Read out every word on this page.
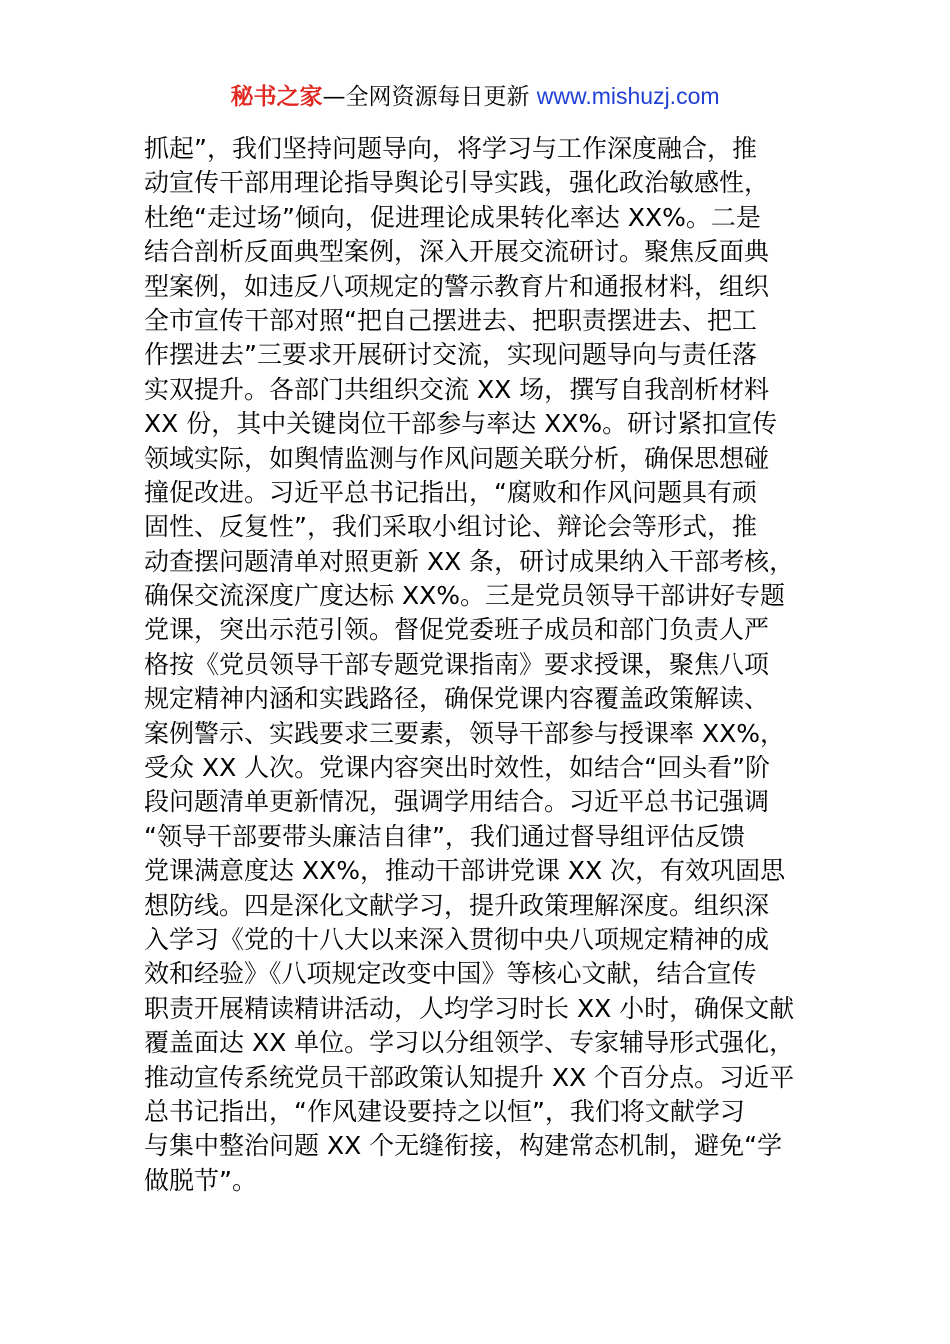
秘书之家—全网资源每日更新 www.mishuzj.com
抓起”，我们坚持问题导向，将学习与工作深度融合，推
动宣传干部用理论指导舆论引导实践，强化政治敏感性，
杜绝“走过场”倾向，促进理论成果转化率达 XX%。二是
结合剖析反面典型案例，深入开展交流研讨。聚焦反面典
型案例，如违反八项规定的警示教育片和通报材料，组织
全市宣传干部对照“把自己摆进去、把职责摆进去、把工
作摆进去”三要求开展研讨交流，实现问题导向与责任落
实双提升。各部门共组织交流 XX 场，撰写自我剖析材料
XX 份，其中关键岗位干部参与率达 XX%。研讨紧扣宣传
领域实际，如舆情监测与作风问题关联分析，确保思想碰
撞促改进。习近平总书记指出，“腐败和作风问题具有顽
固性、反复性”，我们采取小组讨论、辩论会等形式，推
动查摆问题清单对照更新 XX 条，研讨成果纳入干部考核，
确保交流深度广度达标 XX%。三是党员领导干部讲好专题
党课，突出示范引领。督促党委班子成员和部门负责人严
格按《党员领导干部专题党课指南》要求授课，聚焦八项
规定精神内涵和实践路径，确保党课内容覆盖政策解读、
案例警示、实践要求三要素，领导干部参与授课率 XX%，
受众 XX 人次。党课内容突出时效性，如结合“回头看”阶
段问题清单更新情况，强调学用结合。习近平总书记强调
“领导干部要带头廉洁自律”，我们通过督导组评估反馈
党课满意度达 XX%，推动干部讲党课 XX 次，有效巩固思
想防线。四是深化文献学习，提升政策理解深度。组织深
入学习《党的十八大以来深入贯彻中央八项规定精神的成
效和经验》《八项规定改变中国》等核心文献，结合宣传
职责开展精读精讲活动，人均学习时长 XX 小时，确保文献
覆盖面达 XX 单位。学习以分组领学、专家辅导形式强化，
推动宣传系统党员干部政策认知提升 XX 个百分点。习近平
总书记指出，“作风建设要持之以恒”，我们将文献学习
与集中整治问题 XX 个无缝衔接，构建常态机制，避免“学
做脱节”。
